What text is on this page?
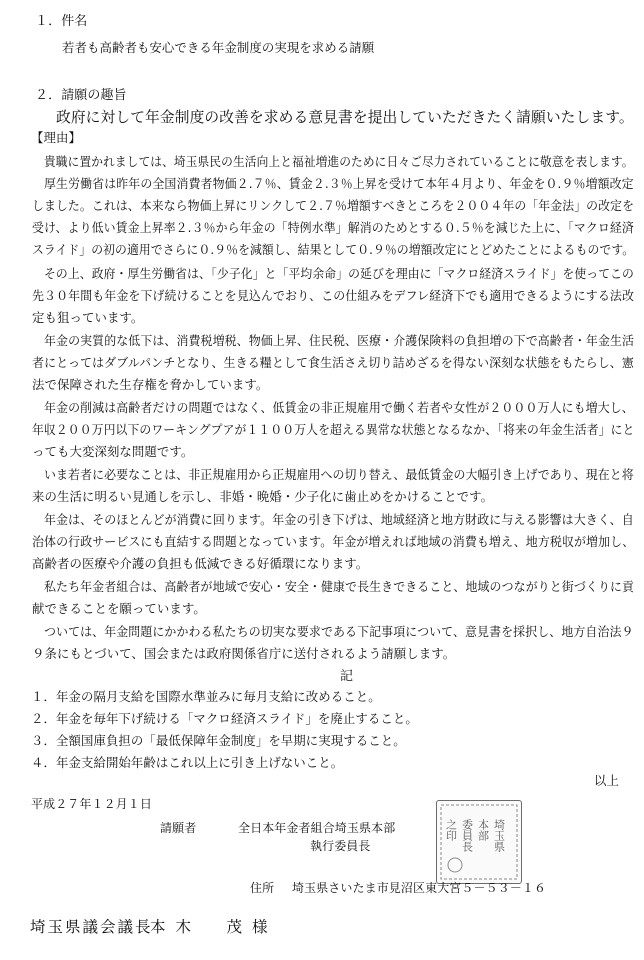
１．件名
若者も高齢者も安心できる年金制度の実現を求める請願
２．請願の趣旨
政府に対して年金制度の改善を求める意見書を提出していただきたく請願いたします。
【理由】
貴職に置かれましては、埼玉県民の生活向上と福祉増進のために日々ご尽力されていることに敬意を表します。
厚生労働省は昨年の全国消費者物価２.７％、賃金２.３％上昇を受けて本年４月より、年金を０.９％増額改定
しました。これは、本来なら物価上昇にリンクして２.７％増額すべきところを２００４年の「年金法」の改定を
受け、より低い賃金上昇率２.３％から年金の「特例水準」解消のためとする０.５％を減じた上に、「マクロ経済
スライド」の初の適用でさらに０.９％を減額し、結果として０.９％の増額改定にとどめたことによるものです。
その上、政府・厚生労働省は、「少子化」と「平均余命」の延びを理由に「マクロ経済スライド」を使ってこの
先３０年間も年金を下げ続けることを見込んでおり、この仕組みをデフレ経済下でも適用できるようにする法改
定も狙っています。
年金の実質的な低下は、消費税増税、物価上昇、住民税、医療・介護保険料の負担増の下で高齢者・年金生活
者にとってはダブルパンチとなり、生きる糧として食生活さえ切り詰めざるを得ない深刻な状態をもたらし、憲
法で保障された生存権を脅かしています。
年金の削減は高齢者だけの問題ではなく、低賃金の非正規雇用で働く若者や女性が２０００万人にも増大し、
年収２００万円以下のワーキングプアが１１００万人を超える異常な状態となるなか、「将来の年金生活者」にと
っても大変深刻な問題です。
いま若者に必要なことは、非正規雇用から正規雇用への切り替え、最低賃金の大幅引き上げであり、現在と将
来の生活に明るい見通しを示し、非婚・晩婚・少子化に歯止めをかけることです。
年金は、そのほとんどが消費に回ります。年金の引き下げは、地域経済と地方財政に与える影響は大きく、自
治体の行政サービスにも直結する問題となっています。年金が増えれば地域の消費も増え、地方税収が増加し、
高齢者の医療や介護の負担も低減できる好循環になります。
私たち年金者組合は、高齢者が地域で安心・安全・健康で長生きできること、地域のつながりと街づくりに貢
献できることを願っています。
ついては、年金問題にかかわる私たちの切実な要求である下記事項について、意見書を採択し、地方自治法９
９条にもとづいて、国会または政府関係省庁に送付されるよう請願します。
記
１．年金の隔月支給を国際水準並みに毎月支給に改めること。
２．年金を毎年下げ続ける「マクロ経済スライド」を廃止すること。
３．全額国庫負担の「最低保障年金制度」を早期に実現すること。
４．年金支給開始年齢はこれ以上に引き上げないこと。
以上
平成２７年１２月１日
請願者	全日本年金者組合埼玉県本部
執行委員長	埼玉県
本部
委員長
之印
住所 埼玉県さいたま市見沼区東大宮５－５３－１６
埼玉県議会議長
本木　茂様
